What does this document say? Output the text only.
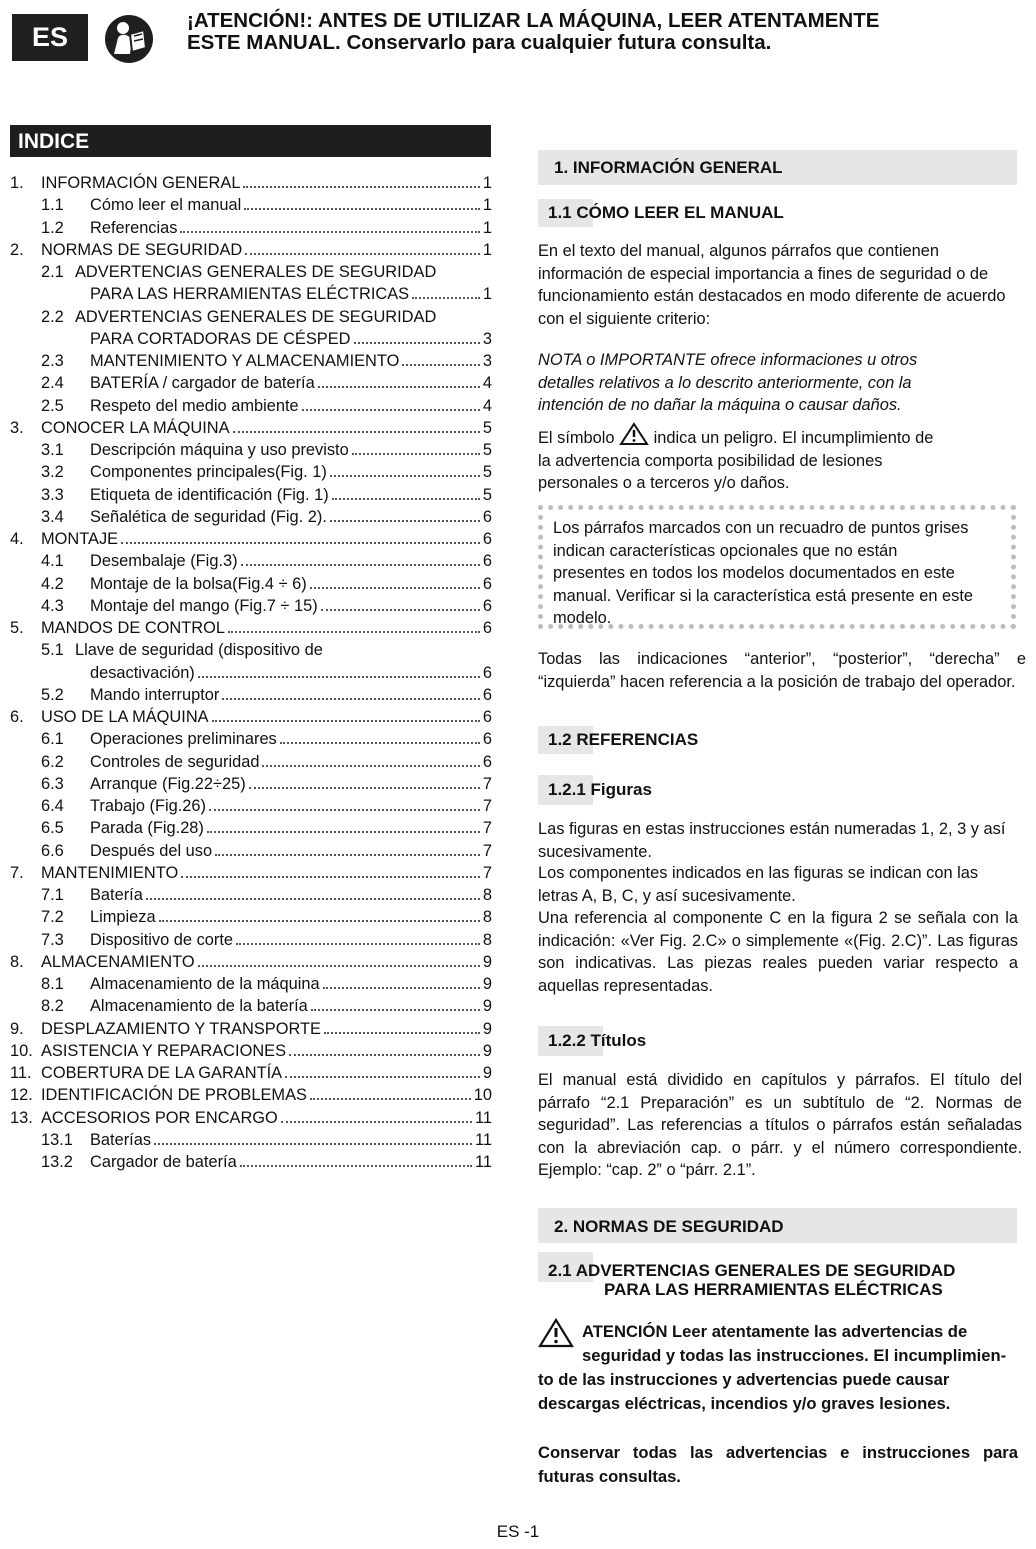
ES
¡ATENCIÓN!: ANTES DE UTILIZAR LA MÁQUINA, LEER ATENTAMENTE
ESTE MANUAL. Conservarlo para cualquier futura consulta.
INDICE
1.	INFORMACIÓN GENERAL	1
1.1	Cómo leer el manual	1
1.2	Referencias	1
2.	NORMAS DE SEGURIDAD	1
2.1 ADVERTENCIAS GENERALES DE SEGURIDAD
PARA LAS HERRAMIENTAS ELÉCTRICAS	1
2.2 ADVERTENCIAS GENERALES DE SEGURIDAD
PARA CORTADORAS DE CÉSPED	3
2.3	MANTENIMIENTO Y ALMACENAMIENTO	3
2.4	BATERÍA / cargador de batería	4
2.5	Respeto del medio ambiente	4
3.	CONOCER LA MÁQUINA	5
3.1	Descripción máquina y uso previsto	5
3.2	Componentes principales(Fig. 1)	5
3.3	Etiqueta de identificación (Fig. 1)	5
3.4	Señalética de seguridad (Fig. 2).	6
4.	MONTAJE	6
4.1	Desembalaje (Fig.3)	6
4.2	Montaje de la bolsa(Fig.4 ÷ 6)	6
4.3	Montaje del mango (Fig.7 ÷ 15)	6
5.	MANDOS DE CONTROL	6
5.1 Llave de seguridad (dispositivo de
desactivación)	6
5.2	Mando interruptor	6
6.	USO DE LA MÁQUINA	6
6.1	Operaciones preliminares	6
6.2	Controles de seguridad	6
6.3	Arranque (Fig.22÷25)	7
6.4	Trabajo (Fig.26)	7
6.5	Parada (Fig.28)	7
6.6	Después del uso	7
7.	MANTENIMIENTO	7
7.1	Batería	8
7.2	Limpieza	8
7.3	Dispositivo de corte	8
8.	ALMACENAMIENTO	9
8.1	Almacenamiento de la máquina	9
8.2	Almacenamiento de la batería	9
9.	DESPLAZAMIENTO Y TRANSPORTE	9
10. ASISTENCIA Y REPARACIONES	9
11. COBERTURA DE LA GARANTÍA	9
12. IDENTIFICACIÓN DE PROBLEMAS	10
13. ACCESORIOS POR ENCARGO	11
13.1	Baterías	11
13.2	Cargador de batería	11
1. INFORMACIÓN GENERAL
1.1 CÓMO LEER EL MANUAL
En el texto del manual, algunos párrafos que contienen información de especial importancia a fines de seguridad o de funcionamiento están destacados en modo diferente de acuerdo con el siguiente criterio:
NOTA o IMPORTANTE ofrece informaciones u otros detalles relativos a lo descrito anteriormente, con la intención de no dañar la máquina o causar daños.
El símbolo  indica un peligro. El incumplimiento de la advertencia comporta posibilidad de lesiones personales o a terceros y/o daños.
Los párrafos marcados con un recuadro de puntos grises indican características opcionales que no están presentes en todos los modelos documentados en este manual. Verificar si la característica está presente en este modelo.
Todas las indicaciones “anterior”, “posterior”, “derecha” e “izquierda” hacen referencia a la posición de trabajo del operador.
1.2 REFERENCIAS
1.2.1 Figuras
Las figuras en estas instrucciones están numeradas 1, 2, 3 y así sucesivamente.
Los componentes indicados en las figuras se indican con las letras A, B, C, y así sucesivamente.
Una referencia al componente C en la figura 2 se señala con la indicación: «Ver Fig. 2.C» o simplemente «(Fig. 2.C)”. Las figuras son indicativas. Las piezas reales pueden variar respecto a aquellas representadas.
1.2.2 Títulos
El manual está dividido en capítulos y párrafos. El título del párrafo “2.1 Preparación” es un subtítulo de “2. Normas de seguridad”. Las referencias a títulos o párrafos están señaladas con la abreviación cap. o párr. y el número correspondiente. Ejemplo: “cap. 2” o “párr. 2.1”.
2. NORMAS DE SEGURIDAD
2.1 ADVERTENCIAS GENERALES DE SEGURIDAD
PARA LAS HERRAMIENTAS ELÉCTRICAS
ATENCIÓN Leer atentamente las advertencias de seguridad y todas las instrucciones. El incumplimien-to de las instrucciones y advertencias puede causar descargas eléctricas, incendios y/o graves lesiones.
Conservar todas las advertencias e instrucciones para futuras consultas.
ES -1
